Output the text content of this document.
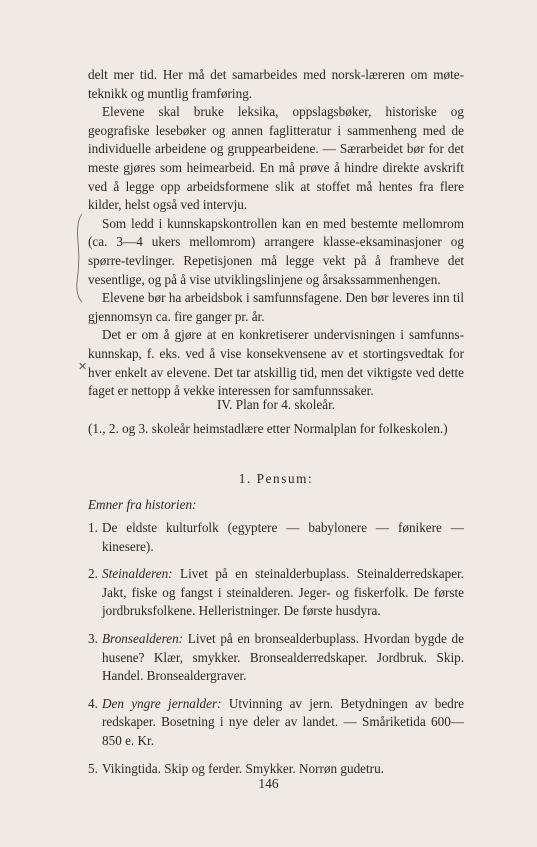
delt mer tid. Her må det samarbeides med norsk-læreren om møte-teknikk og muntlig framføring.

Elevene skal bruke leksika, oppslagsbøker, historiske og geografiske lesebøker og annen faglitteratur i sammenheng med de individuelle arbeidene og gruppearbeidene. — Særarbeidet bør for det meste gjøres som heimearbeid. En må prøve å hindre direkte avskrift ved å legge opp arbeidsformene slik at stoffet må hentes fra flere kilder, helst også ved intervju.

Som ledd i kunnskapskontrollen kan en med bestemte mellomrom (ca. 3—4 ukers mellomrom) arrangere klasse-eksaminasjoner og spørre-tevlinger. Repetisjonen må legge vekt på å framheve det vesentlige, og på å vise utviklingslinjene og årsakssammenhengen.

Elevene bør ha arbeidsbok i samfunnsfagene. Den bør leveres inn til gjennomsyn ca. fire ganger pr. år.

Det er om å gjøre at en konkretiserer undervisningen i samfunns-kunnskap, f. eks. ved å vise konsekvensene av et stortingsvedtak for hver enkelt av elevene. Det tar atskillig tid, men det viktigste ved dette faget er nettopp å vekke interessen for samfunnssaker.

✕
IV. Plan for 4. skoleår.
(1., 2. og 3. skoleår heimstadlære etter Normalplan for folkeskolen.)
1. Pensum:
Emner fra historien:
1. De eldste kulturfolk (egyptere — babylonere — fønikere — kinesere).
2. Steinalderen: Livet på en steinalderbuplass. Steinalderredskaper. Jakt, fiske og fangst i steinalderen. Jeger- og fiskerfolk. De første jordbruksfolkene. Helleristninger. De første husdyra.
3. Bronsealderen: Livet på en bronsealderbuplass. Hvordan bygde de husene? Klær, smykker. Bronsealderredskaper. Jordbruk. Skip. Handel. Bronsealdergraver.
4. Den yngre jernalder: Utvinning av jern. Betydningen av bedre redskaper. Bosetning i nye deler av landet. — Småriketida 600—850 e. Kr.
5. Vikingtida. Skip og ferder. Smykker. Norrøn gudetru.
146
